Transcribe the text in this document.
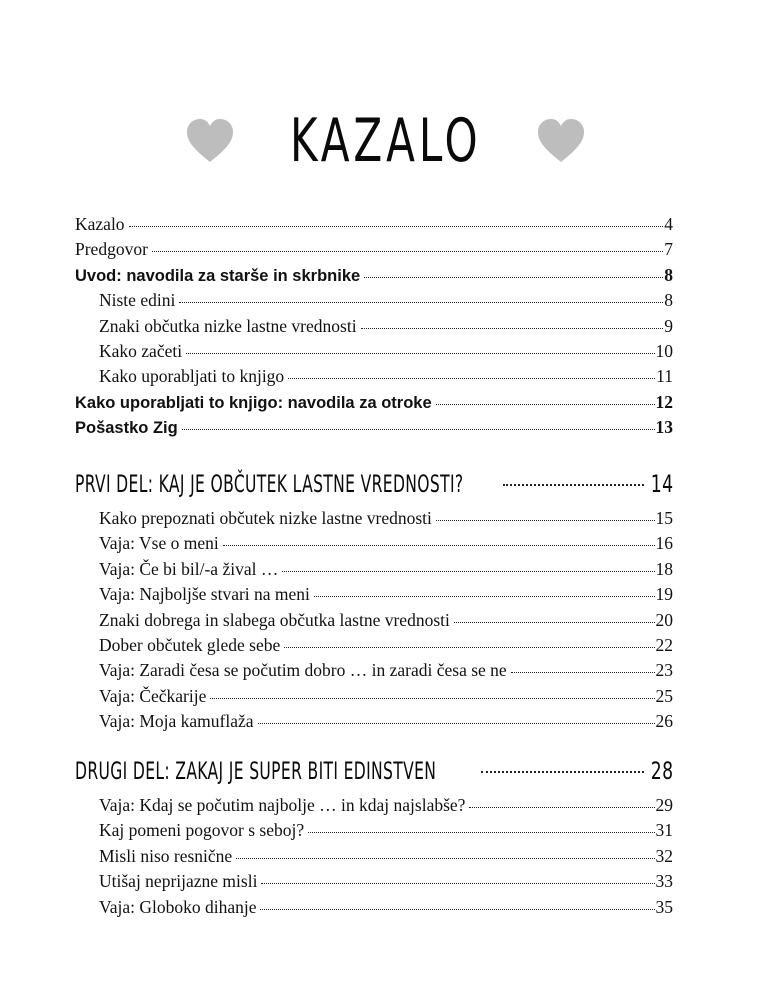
KAZALO
Kazalo	4
Predgovor	7
Uvod: navodila za starše in skrbnike	8
Niste edini	8
Znaki občutka nizke lastne vrednosti	9
Kako začeti	10
Kako uporabljati to knjigo	11
Kako uporabljati to knjigo: navodila za otroke	12
Pošastko Zig	13
PRVI DEL: KAJ JE OBČUTEK LASTNE VREDNOSTI?	14
Kako prepoznati občutek nizke lastne vrednosti	15
Vaja: Vse o meni	16
Vaja: Če bi bil/-a žival …	18
Vaja: Najboljše stvari na meni	19
Znaki dobrega in slabega občutka lastne vrednosti	20
Dober občutek glede sebe	22
Vaja: Zaradi česa se počutim dobro … in zaradi česa se ne	23
Vaja: Čečkarije	25
Vaja: Moja kamuflaža	26
DRUGI DEL: ZAKAJ JE SUPER BITI EDINSTVEN	28
Vaja: Kdaj se počutim najbolje … in kdaj najslabše?	29
Kaj pomeni pogovor s seboj?	31
Misli niso resnične	32
Utišaj neprijazne misli	33
Vaja: Globoko dihanje	35
